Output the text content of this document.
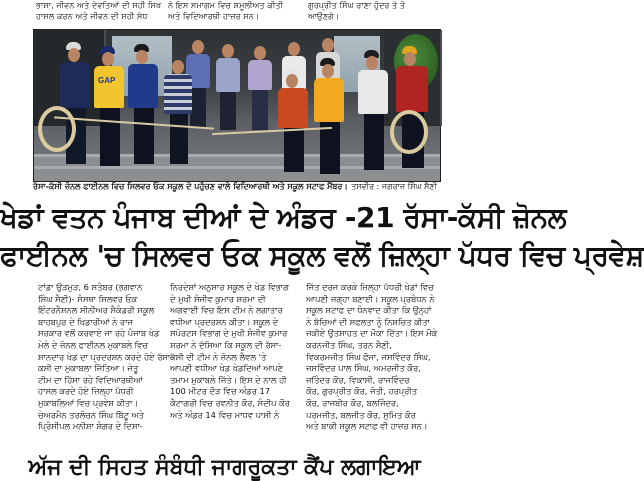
ਭਾਸ਼ਾ, ਜੀਵਨ ਅਤੇ ਦੇਵਤਿਆਂ ਦੀ ਸਹੀ ਸਿਖ
ਹਾਸਲ ਕਰਨ ਅਤੇ ਜੀਵਨ ਦੀ ਸਹੀ ਸੇਧ
ਨੇ ਇਸ ਸਮਾਗਮ ਵਿਚ ਸ਼ਮੂਲੀਅਤ ਕੀਤੀ
ਅਤੇ ਵਿਦਿਆਰਥੀ ਹਾਜ਼ਰ ਸਨ।
ਗੁਰਪ੍ਰੀਤ ਸਿੰਘ ਰਾਣਾ ਹੁੰਦਰ ਤੇ ਤੋ
ਆਉਣਗੇ।
GAP
ਰੱਸਾ-ਕੱਸੀ ਜ਼ੋਨਲ ਫਾਈਨਲ ਵਿਚ ਸਿਲਵਰ ਓਕ ਸਕੂਲ ਦੇ ਪਹੁੰਚਣ ਵਾਲੇ ਵਿਦਿਆਰਥੀ ਅਤੇ ਸਕੂਲ ਸਟਾਫ ਮੈਂਬਰ। ਤਸਵੀਰ : ਜਗਰਾਜ ਸਿੰਘ ਸੈਣੀ
ਖੇਡਾਂ ਵਤਨ ਪੰਜਾਬ ਦੀਆਂ ਦੇ ਅੰਡਰ -21 ਰੱਸਾ-ਕੱਸੀ ਜ਼ੋਨਲ
ਫਾਈਨਲ 'ਚ ਸਿਲਵਰ ਓਕ ਸਕੂਲ ਵਲੋਂ ਜ਼ਿਲ੍ਹਾ ਪੱਧਰ ਵਿਚ ਪ੍ਰਵੇਸ਼
ਟਾਂਡਾ ਉੜਮੁੜ, 6 ਸਤੰਬਰ (ਭਗਵਾਨ
ਸਿੰਘ ਸੈਣੀ)- ਸੰਸਥਾ ਸਿਲਵਰ ਓਕ
ਇੰਟਰਨੈਸ਼ਨਲ ਸੀਨੀਅਰ ਸੈਕੰਡਰੀ ਸਕੂਲ
ਬਾਹਬਪੁਰ ਦੇ ਖਿਡਾਰੀਆਂ ਨੇ ਰਾਜ
ਸਰਕਾਰ ਵਲੋਂ ਕਰਵਾਏ ਜਾ ਰਹੇ ਪੰਜਾਬ ਖੇਡ
ਮੇਲੇ ਦੇ ਜ਼ੋਨਲ ਫਾਈਨਲ ਮੁਕਾਬਲੇ ਵਿਚ
ਸ਼ਾਨਦਾਰ ਖੇਡ ਦਾ ਪ੍ਰਦਰਸ਼ਨ ਕਰਦੇ ਹੋਏ ਰੱਸਾ-
ਕਸੀ ਦਾ ਮੁਕਾਬਲਾ ਜਿੱਤਿਆ। ਜੇਤੂ
ਟੀਮ ਦਾ ਹਿੱਸਾ ਰਹੇ ਵਿਦਿਆਰਥੀਆਂ
ਹਾਸਲ ਕਰਦੇ ਹੋਏ ਜ਼ਿਲ੍ਹਾ ਪੱਧਰੀ
ਮੁਕਾਬਲਿਆਂ ਵਿਚ ਪ੍ਰਵੇਸ਼ ਕੀਤਾ।
ਚੇਅਰਮੈਨ ਤਰਲੋਚਨ ਸਿੰਘ ਬਿੱਟੂ ਅਤੇ
ਪ੍ਰਿੰਸੀਪਲ ਮਨੀਸ਼ਾ ਸ਼ੰਗਰ ਦੇ ਦਿਸ਼ਾ-
ਨਿਰਦੇਸ਼ਾਂ ਅਨੁਸਾਰ ਸਕੂਲ ਦੇ ਖੇਡ ਵਿਭਾਗ
ਦੇ ਮੁਖੀ ਸੰਜੀਵ ਕੁਮਾਰ ਸ਼ਰਮਾ ਦੀ
ਅਗਵਾਈ ਵਿਚ ਇਸ ਟੀਮ ਨੇ ਲਗਾਤਾਰ
ਵਧੀਆ ਪ੍ਰਦਰਸ਼ਨ ਕੀਤਾ। ਸਕੂਲ ਦੇ
ਸਪੋਰਟਸ ਵਿਭਾਗ ਦੇ ਮੁਖੀ ਸੰਜੀਵ ਕੁਮਾਰ
ਸ਼ਰਮਾ ਨੇ ਦੱਸਿਆ ਕਿ ਸਕੂਲ ਦੀ ਰੱਸਾ-
ਕੱਸੀ ਦੀ ਟੀਮ ਨੇ ਜ਼ੋਨਲ ਲੈਵਲ 'ਤੇ
ਆਪਣੀ ਵਧੀਆ ਖੇਡ ਖੇਡਦਿਆਂ ਆਪਣੇ
ਤਮਾਮ ਮੁਕਾਬਲੇ ਜਿੱਤੇ। ਇਸ ਦੇ ਨਾਲ ਹੀ
100 ਮੀਟਰ ਦੌੜ ਵਿਚ ਅੰਡਰ 17
ਕੈਟਾਗਰੀ ਵਿਚ ਰਵਨੀਤ ਕੌਰ, ਸੰਦੀਪ ਕੌਰ
ਅਤੇ ਅੰਡਰ 14 ਵਿਚ ਮਾਧਵ ਪਾਸੀ ਨੇ
ਜਿੱਤ ਦਰਜ ਕਰਕੇ ਜ਼ਿਲ੍ਹਾ ਪੱਧਰੀ ਖੇਡਾਂ ਵਿਚ
ਆਪਣੀ ਜਗ੍ਹਾ ਬਣਾਈ। ਸਕੂਲ ਪ੍ਰਬੰਧਨ ਨੇ
ਸਕੂਲ ਸਟਾਫ ਦਾ ਧੰਨਵਾਦ ਕੀਤਾ ਕਿ ਉਨ੍ਹਾਂ
ਨੇ ਬੱਚਿਆਂ ਦੀ ਸਫਲਤਾ ਨੂੰ ਨਿਸ਼ਚਿਤ ਕੀਤਾ
ਜਕੀਏ ਉਤਸ਼ਾਹਤ ਦਾ ਮੌਕਾ ਦਿੱਤਾ। ਇਸ ਮੌਕੇ
ਕਰਨਜੀਤ ਸਿੰਘ, ਤਰਨ ਸੈਣੀ,
ਵਿਕਰਮਜੀਤ ਸਿੰਘ ਫੌਜਾ, ਜਸਵਿੰਦਰ ਸਿੰਘ,
ਜਸਵਿੰਦਰ ਪਾਲ ਸਿੰਘ, ਅਮਰਜੀਤ ਕੌਰ,
ਜਤਿੰਦਰ ਕੌਰ, ਵਿਕਾਸੀ, ਰਾਜਵਿੰਦਰ
ਕੌਰ, ਗੁਰਪ੍ਰੀਤ ਕੌਰ, ਜੋਤੀ, ਹਰਪ੍ਰੀਤ
ਕੌਰ, ਰਾਜਬੀਰ ਕੌਰ, ਬਲਜਿੰਦਰ,
ਪਰਮਜੀਤ, ਬਲਜੀਤ ਕੌਰ, ਸੁਮਿਤ ਕੌਰ
ਅਤੇ ਬਾਕੀ ਸਕੂਲ ਸਟਾਫ ਵੀ ਹਾਜ਼ਰ ਸਨ।
ਅੱਜ ਦੀ ਸਿਹਤ ਸੰਬੰਧੀ ਜਾਗਰੂਕਤਾ ਕੈਂਪ ਲਗਾਇਆ
